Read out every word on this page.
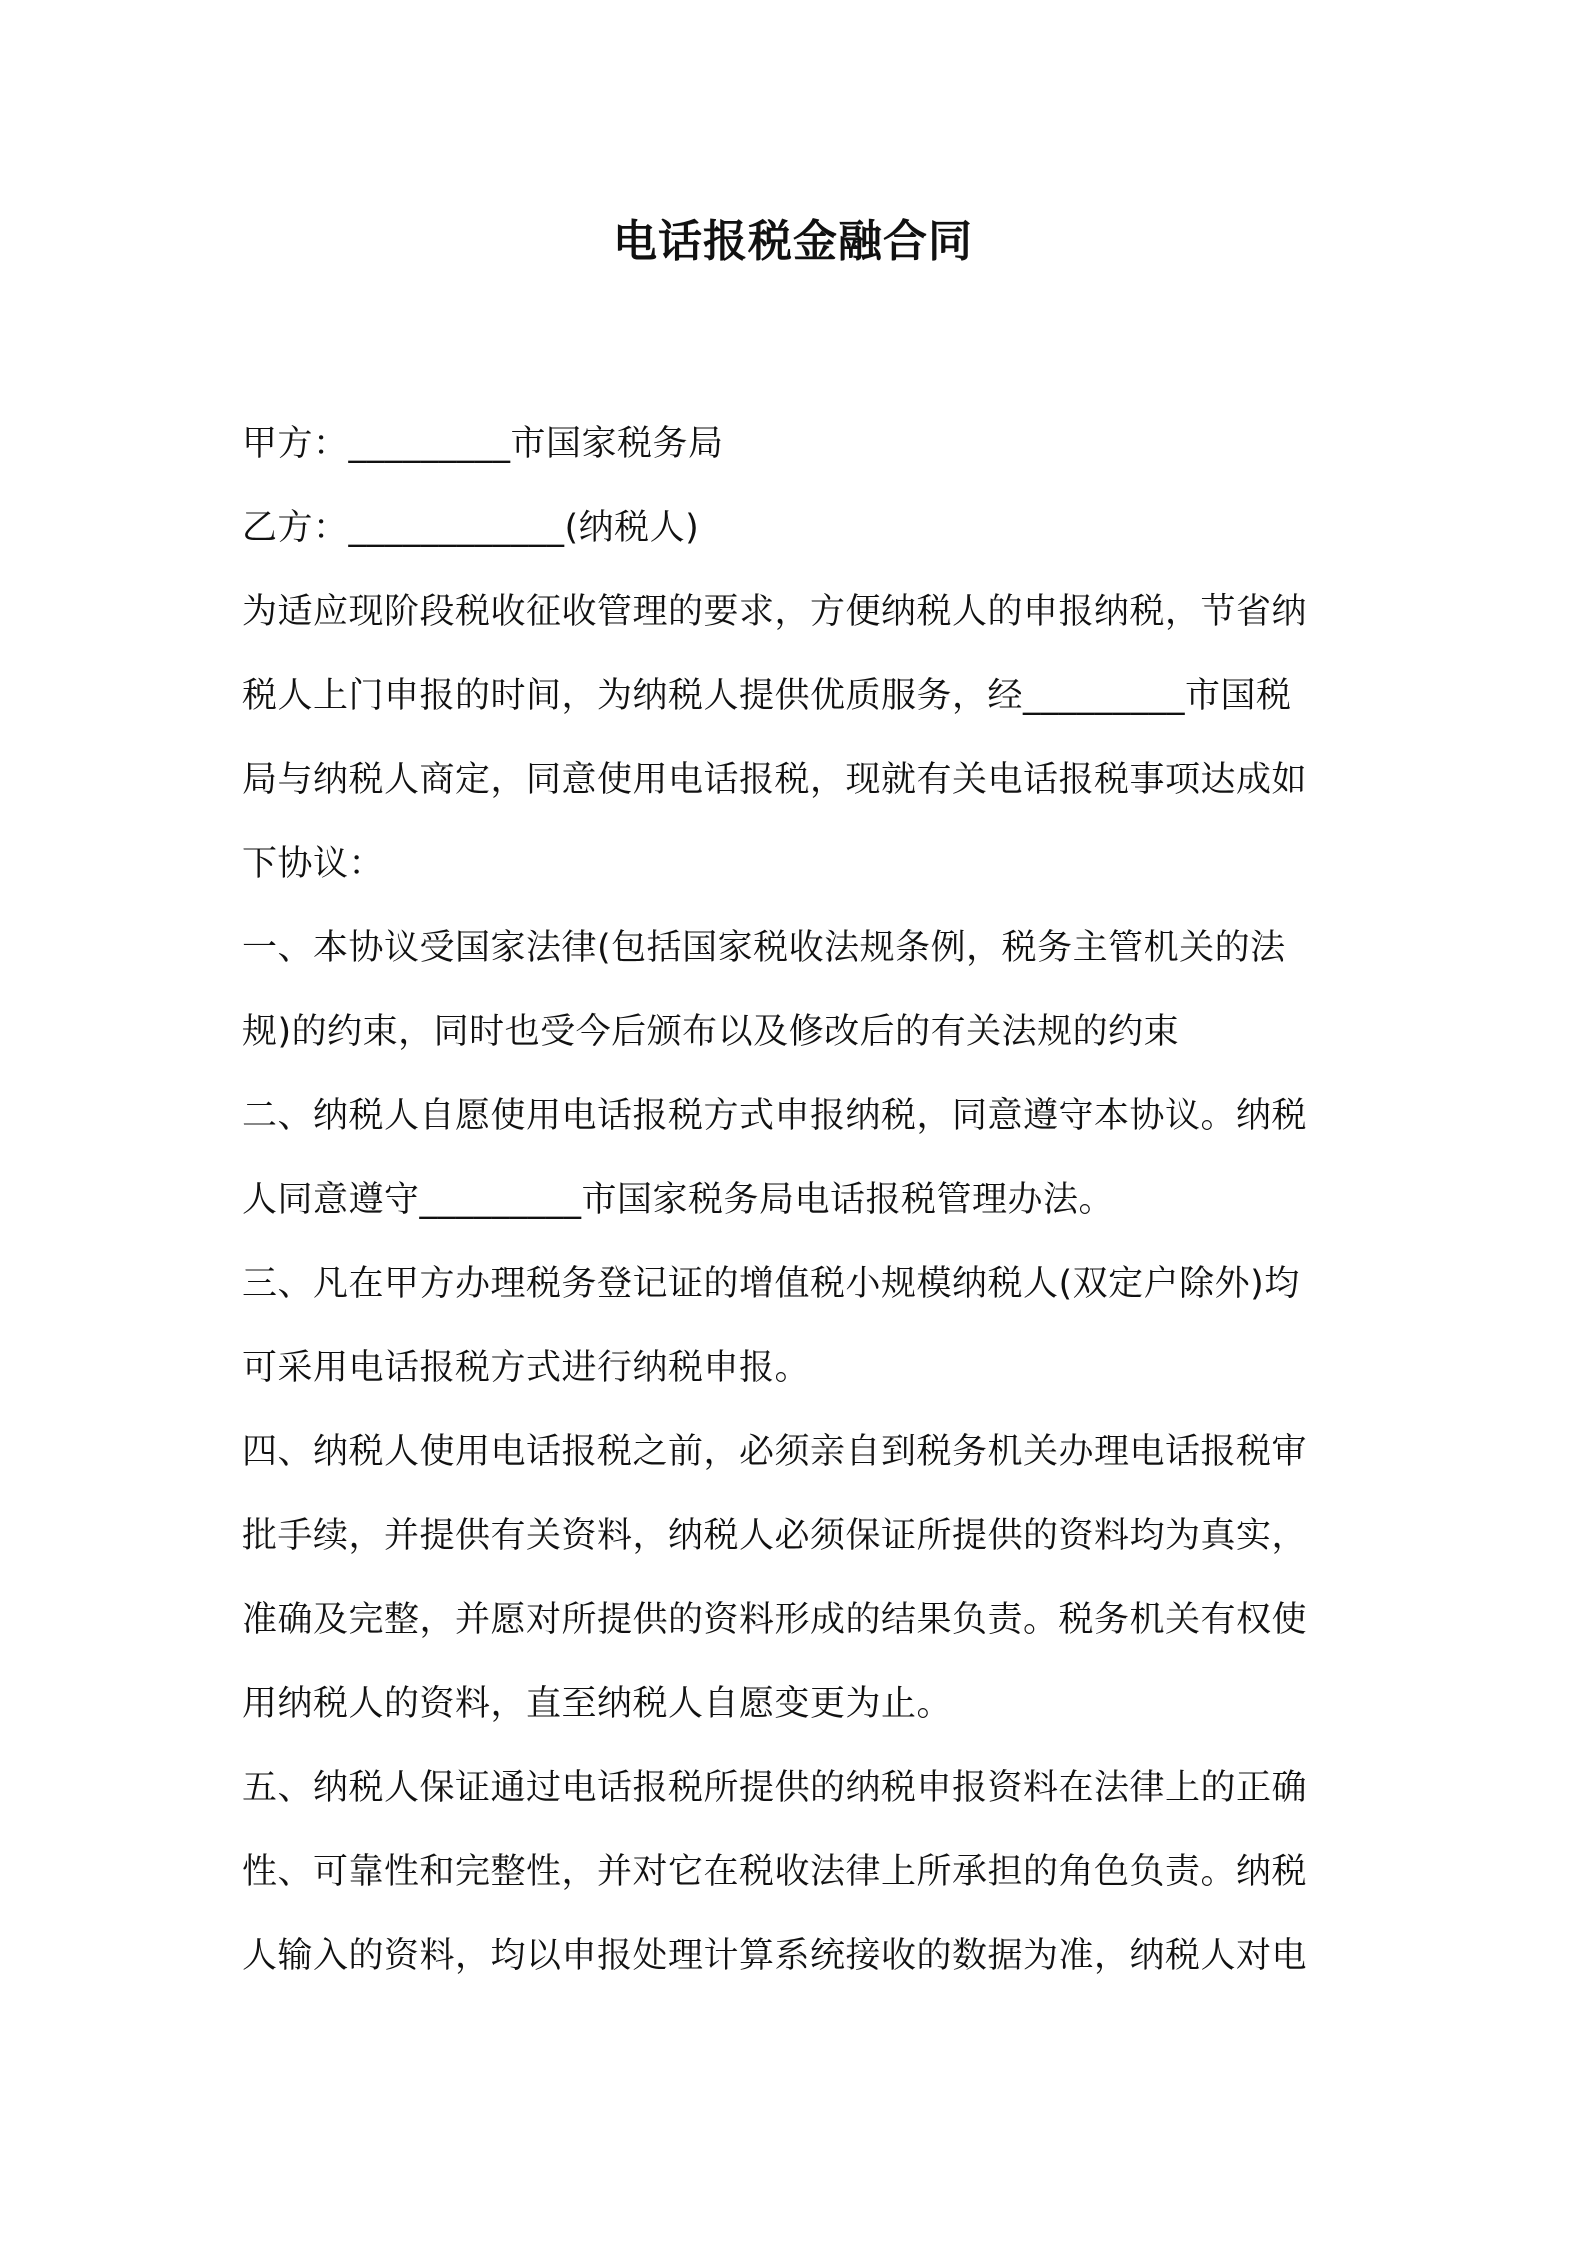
电话报税金融合同
甲方：_________市国家税务局
乙方：____________(纳税人)
为适应现阶段税收征收管理的要求，方便纳税人的申报纳税，节省纳
税人上门申报的时间，为纳税人提供优质服务，经_________市国税
局与纳税人商定，同意使用电话报税，现就有关电话报税事项达成如
下协议：
一、本协议受国家法律(包括国家税收法规条例，税务主管机关的法
规)的约束，同时也受今后颁布以及修改后的有关法规的约束
二、纳税人自愿使用电话报税方式申报纳税，同意遵守本协议。纳税
人同意遵守_________市国家税务局电话报税管理办法。
三、凡在甲方办理税务登记证的增值税小规模纳税人(双定户除外)均
可采用电话报税方式进行纳税申报。
四、纳税人使用电话报税之前，必须亲自到税务机关办理电话报税审
批手续，并提供有关资料，纳税人必须保证所提供的资料均为真实，
准确及完整，并愿对所提供的资料形成的结果负责。税务机关有权使
用纳税人的资料，直至纳税人自愿变更为止。
五、纳税人保证通过电话报税所提供的纳税申报资料在法律上的正确
性、可靠性和完整性，并对它在税收法律上所承担的角色负责。纳税
人输入的资料，均以申报处理计算系统接收的数据为准，纳税人对电
